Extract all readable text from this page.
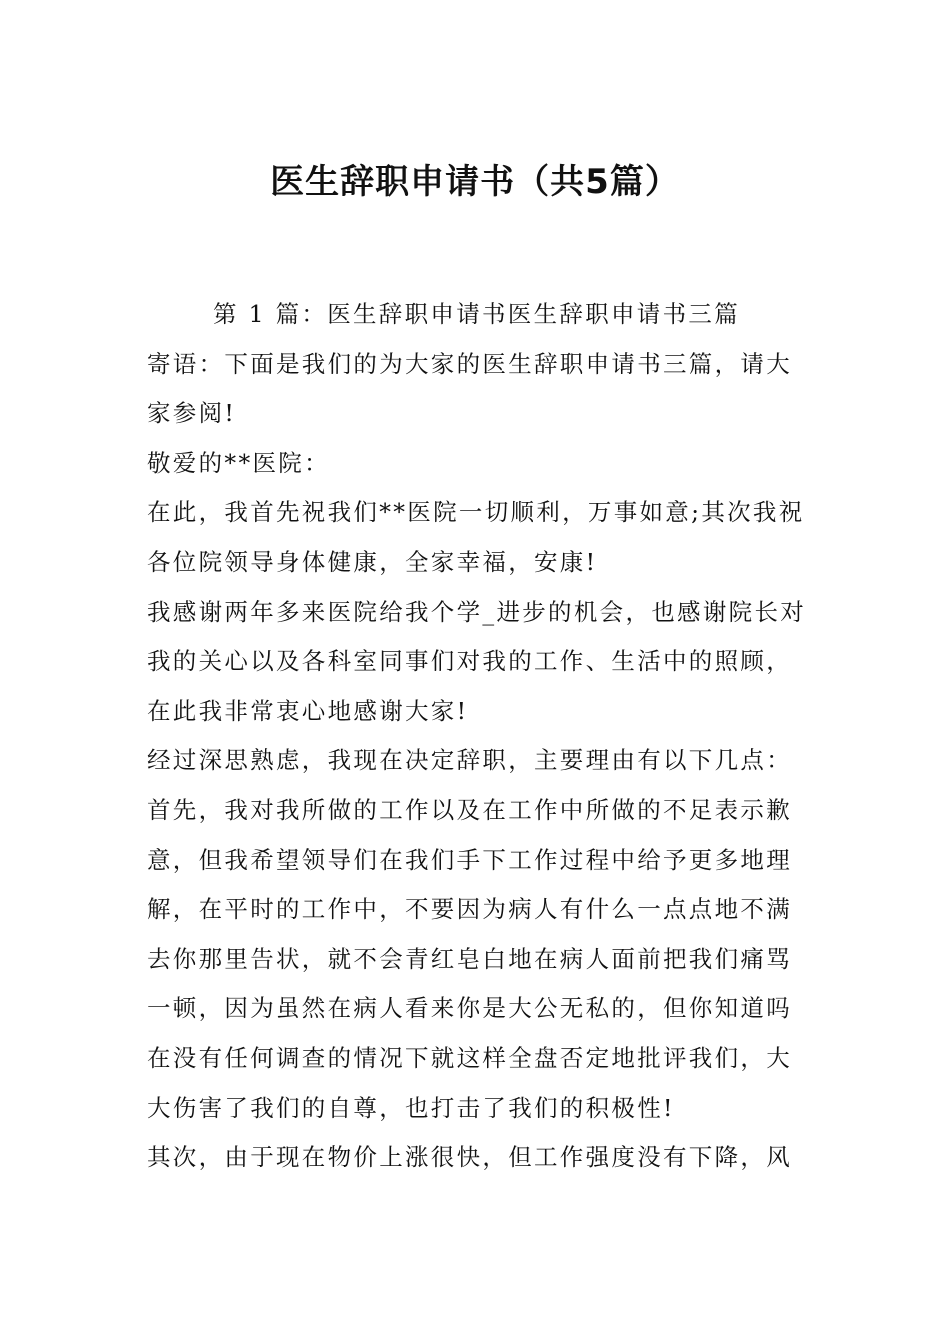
医生辞职申请书（共5篇）

第 1 篇：医生辞职申请书医生辞职申请书三篇

寄语：下面是我们的为大家的医生辞职申请书三篇，请大家参阅!

敬爱的**医院：

在此，我首先祝我们**医院一切顺利，万事如意;其次我祝各位院领导身体健康，全家幸福，安康!

我感谢两年多来医院给我个学_进步的机会，也感谢院长对我的关心以及各科室同事们对我的工作、生活中的照顾，在此我非常衷心地感谢大家!

经过深思熟虑，我现在决定辞职，主要理由有以下几点：

首先，我对我所做的工作以及在工作中所做的不足表示歉意，但我希望领导们在我们手下工作过程中给予更多地理解，在平时的工作中，不要因为病人有什么一点点地不满去你那里告状，就不会青红皂白地在病人面前把我们痛骂一顿，因为虽然在病人看来你是大公无私的，但你知道吗在没有任何调查的情况下就这样全盘否定地批评我们，大大伤害了我们的自尊，也打击了我们的积极性!

其次，由于现在物价上涨很快，但工作强度没有下降，风
